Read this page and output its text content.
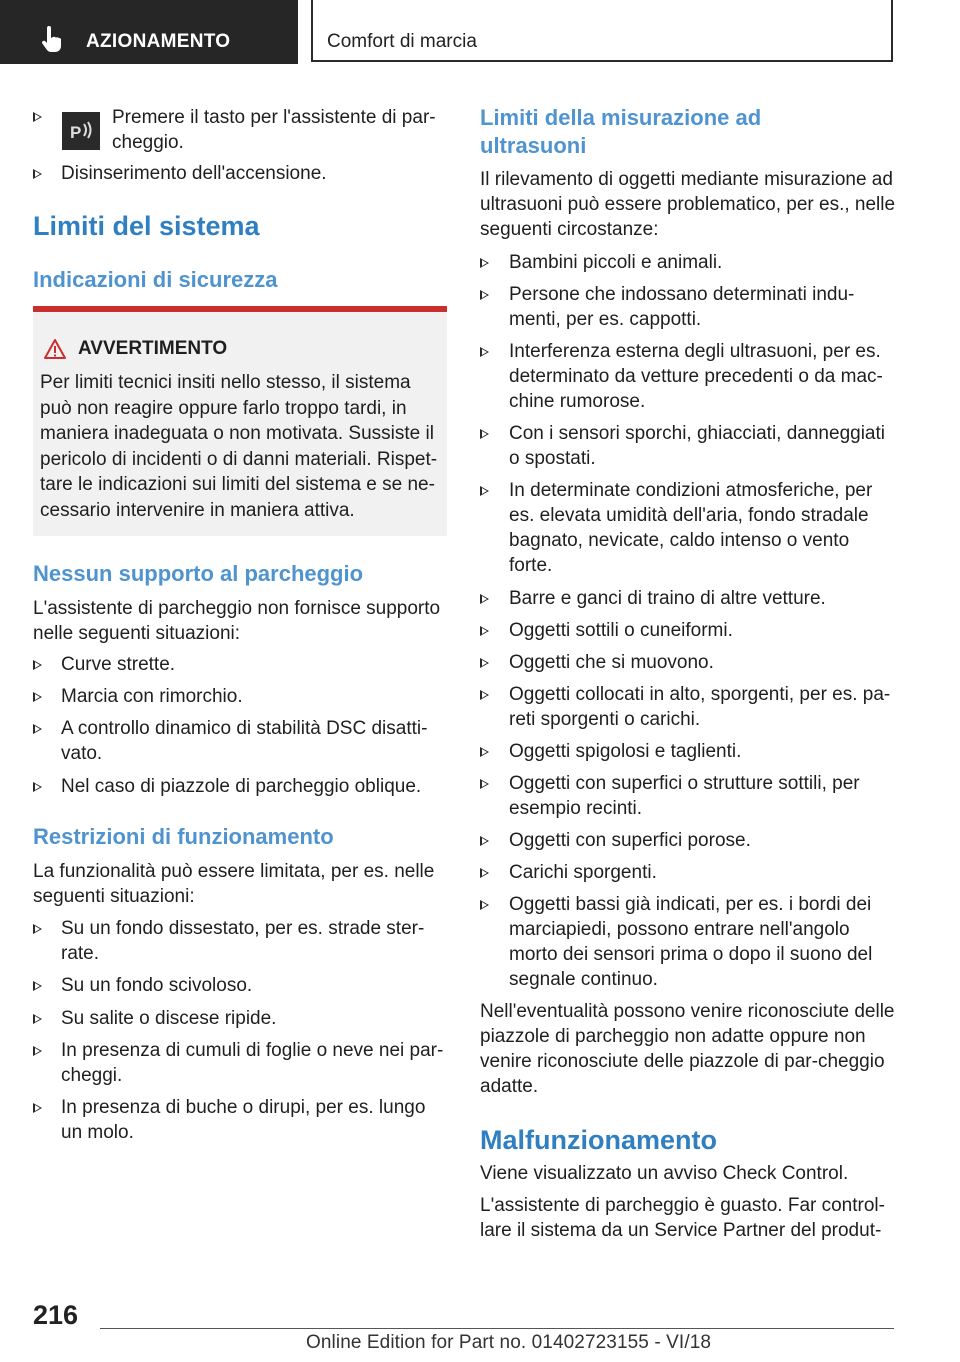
AZIONAMENTO	Comfort di marcia
P
Premere il tasto per l'assistente di par-
cheggio.
Disinserimento dell'accensione.
Limiti del sistema
Indicazioni di sicurezza
AVVERTIMENTO
Per limiti tecnici insiti nello stesso, il sistema può non reagire oppure farlo troppo tardi, in maniera inadeguata o non motivata. Sussiste il pericolo di incidenti o di danni materiali. Rispet-tare le indicazioni sui limiti del sistema e se ne-cessario intervenire in maniera attiva.
Nessun supporto al parcheggio
L'assistente di parcheggio non fornisce supporto nelle seguenti situazioni:
Curve strette.
Marcia con rimorchio.
A controllo dinamico di stabilità DSC disatti-
vato.
Nel caso di piazzole di parcheggio oblique.
Restrizioni di funzionamento
La funzionalità può essere limitata, per es. nelle seguenti situazioni:
Su un fondo dissestato, per es. strade ster-
rate.
Su un fondo scivoloso.
Su salite o discese ripide.
In presenza di cumuli di foglie o neve nei par-
cheggi.
In presenza di buche o dirupi, per es. lungo
un molo.
Limiti della misurazione ad ultrasuoni
Il rilevamento di oggetti mediante misurazione ad ultrasuoni può essere problematico, per es., nelle seguenti circostanze:
Bambini piccoli e animali.
Persone che indossano determinati indu-
menti, per es. cappotti.
Interferenza esterna degli ultrasuoni, per es.
determinato da vetture precedenti o da mac-
chine rumorose.
Con i sensori sporchi, ghiacciati, danneggiati
o spostati.
In determinate condizioni atmosferiche, per
es. elevata umidità dell'aria, fondo stradale
bagnato, nevicate, caldo intenso o vento
forte.
Barre e ganci di traino di altre vetture.
Oggetti sottili o cuneiformi.
Oggetti che si muovono.
Oggetti collocati in alto, sporgenti, per es. pa-
reti sporgenti o carichi.
Oggetti spigolosi e taglienti.
Oggetti con superfici o strutture sottili, per
esempio recinti.
Oggetti con superfici porose.
Carichi sporgenti.
Oggetti bassi già indicati, per es. i bordi dei
marciapiedi, possono entrare nell'angolo
morto dei sensori prima o dopo il suono del
segnale continuo.
Nell'eventualità possono venire riconosciute delle piazzole di parcheggio non adatte oppure non venire riconosciute delle piazzole di par-cheggio adatte.
Malfunzionamento
Viene visualizzato un avviso Check Control.
L'assistente di parcheggio è guasto. Far control-lare il sistema da un Service Partner del produt-
216
Online Edition for Part no. 01402723155 - VI/18
